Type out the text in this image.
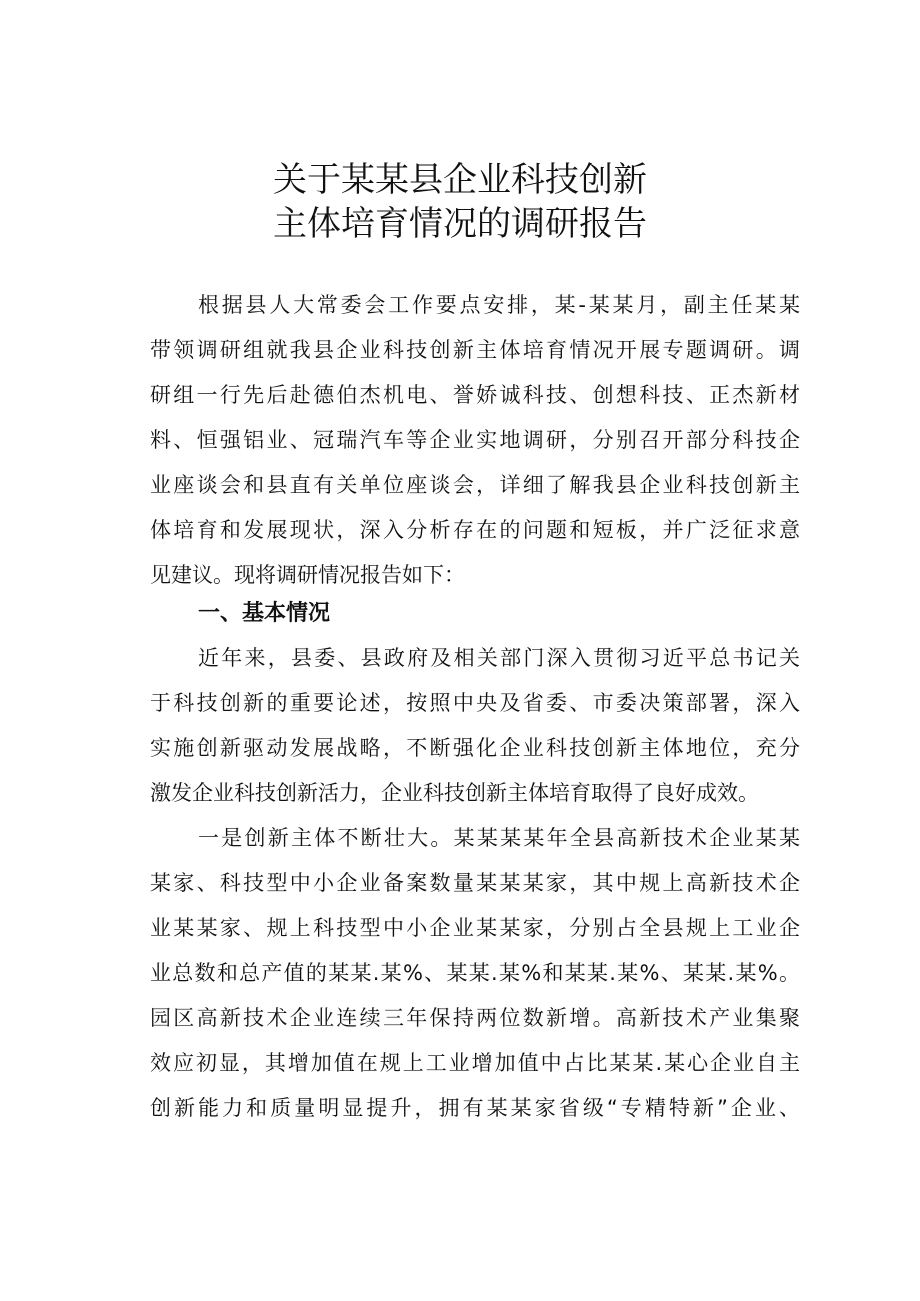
关于某某县企业科技创新
主体培育情况的调研报告
根据县人大常委会工作要点安排，某-某某月，副主任某某
带领调研组就我县企业科技创新主体培育情况开展专题调研。调
研组一行先后赴德伯杰机电、誉娇诚科技、创想科技、正杰新材
料、恒强铝业、冠瑞汽车等企业实地调研，分别召开部分科技企
业座谈会和县直有关单位座谈会，详细了解我县企业科技创新主
体培育和发展现状，深入分析存在的问题和短板，并广泛征求意
见建议。现将调研情况报告如下：
一、基本情况
近年来，县委、县政府及相关部门深入贯彻习近平总书记关
于科技创新的重要论述，按照中央及省委、市委决策部署，深入
实施创新驱动发展战略，不断强化企业科技创新主体地位，充分
激发企业科技创新活力，企业科技创新主体培育取得了良好成效。
一是创新主体不断壮大。某某某某年全县高新技术企业某某
某家、科技型中小企业备案数量某某某家，其中规上高新技术企
业某某家、规上科技型中小企业某某家，分别占全县规上工业企
业总数和总产值的某某.某%、某某.某%和某某.某%、某某.某%。
园区高新技术企业连续三年保持两位数新增。高新技术产业集聚
效应初显，其增加值在规上工业增加值中占比某某.某心企业自主
创新能力和质量明显提升，拥有某某家省级“专精特新”企业、
